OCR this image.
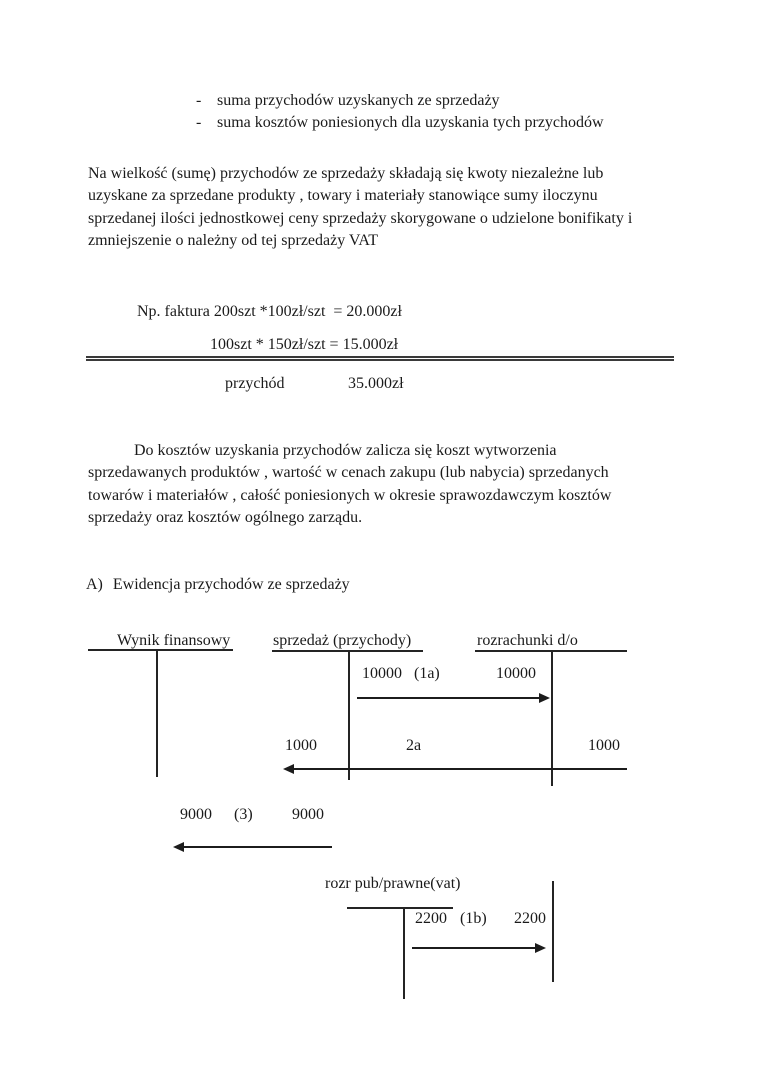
- suma przychodów uzyskanych ze sprzedaży
- suma kosztów poniesionych dla uzyskania tych przychodów
Na wielkość (sumę) przychodów ze sprzedaży składają się kwoty niezależne lub
uzyskane za sprzedane produkty , towary i materiały stanowiące sumy iloczynu
sprzedanej ilości jednostkowej ceny sprzedaży skorygowane o udzielone bonifikaty i
zmniejszenie o należny od tej sprzedaży VAT
Np. faktura 200szt *100zł/szt  = 20.000zł
100szt * 150zł/szt = 15.000zł
przychód	35.000zł
Do kosztów uzyskania przychodów zalicza się koszt wytworzenia
sprzedawanych produktów , wartość w cenach zakupu (lub nabycia) sprzedanych
towarów i materiałów , całość poniesionych w okresie sprawozdawczym kosztów
sprzedaży oraz kosztów ogólnego zarządu.
A) Ewidencja przychodów ze sprzedaży
Wynik finansowy	sprzedaż (przychody)	rozrachunki d/o
10000 (1a)	10000
1000	2a	1000
9000 (3) 9000
rozr pub/prawne(vat)
2200 (1b) 2200
